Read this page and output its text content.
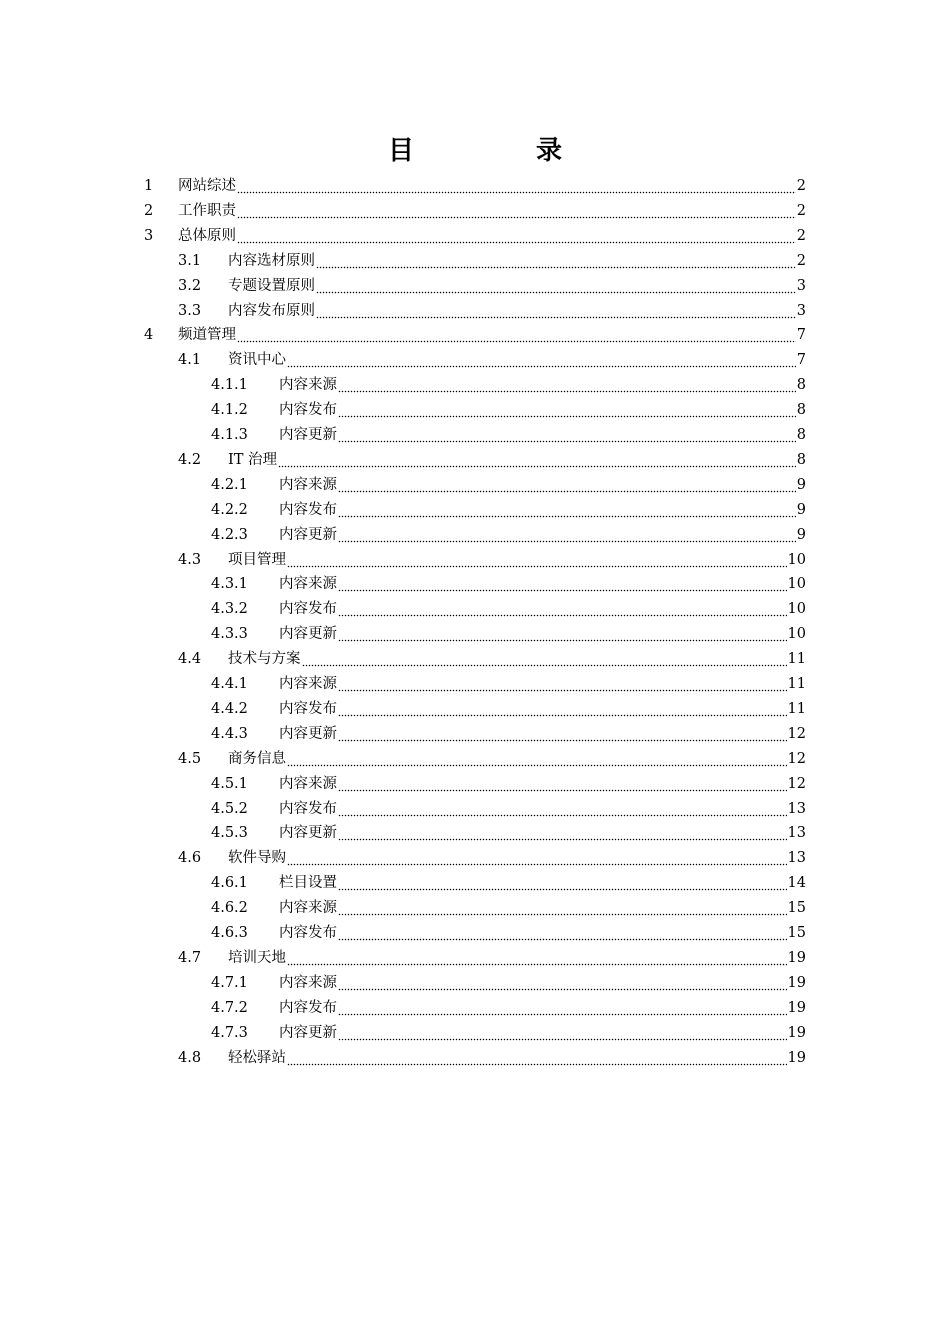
目　录
1	网站综述	2
2	工作职责	2
3	总体原则	2
3.1	内容选材原则	2
3.2	专题设置原则	3
3.3	内容发布原则	3
4	频道管理	7
4.1	资讯中心	7
4.1.1	内容来源	8
4.1.2	内容发布	8
4.1.3	内容更新	8
4.2	IT 治理	8
4.2.1	内容来源	9
4.2.2	内容发布	9
4.2.3	内容更新	9
4.3	项目管理	10
4.3.1	内容来源	10
4.3.2	内容发布	10
4.3.3	内容更新	10
4.4	技术与方案	11
4.4.1	内容来源	11
4.4.2	内容发布	11
4.4.3	内容更新	12
4.5	商务信息	12
4.5.1	内容来源	12
4.5.2	内容发布	13
4.5.3	内容更新	13
4.6	软件导购	13
4.6.1	栏目设置	14
4.6.2	内容来源	15
4.6.3	内容发布	15
4.7	培训天地	19
4.7.1	内容来源	19
4.7.2	内容发布	19
4.7.3	内容更新	19
4.8	轻松驿站	19
